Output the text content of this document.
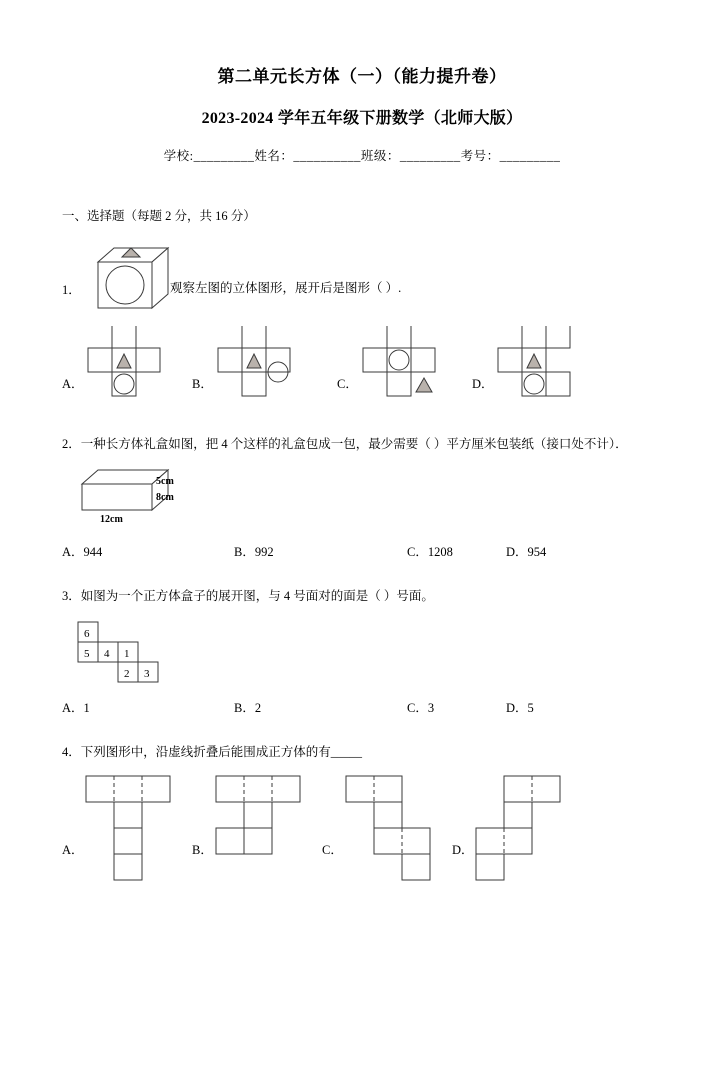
第二单元长方体（一）（能力提升卷）
2023-2024 学年五年级下册数学（北师大版）
学校:_________姓名：__________班级：_________考号：_________
一、选择题（每题 2 分，共 16 分）
1．	观察左图的立体图形，展开后是图形（ ）.
A．	B．	C．	D．
2．一种长方体礼盒如图，把 4 个这样的礼盒包成一包，最少需要（ ）平方厘米包装纸（接口处不计）．
5cm
8cm
12cm
A．944	B．992	C．1208	D．954
3．如图为一个正方体盒子的展开图，与 4 号面对的面是（ ）号面。
6
5 4 1
2 3
A．1	B．2	C．3	D．5
4．下列图形中，沿虚线折叠后能围成正方体的有_____
A．	B．	C．	D．
